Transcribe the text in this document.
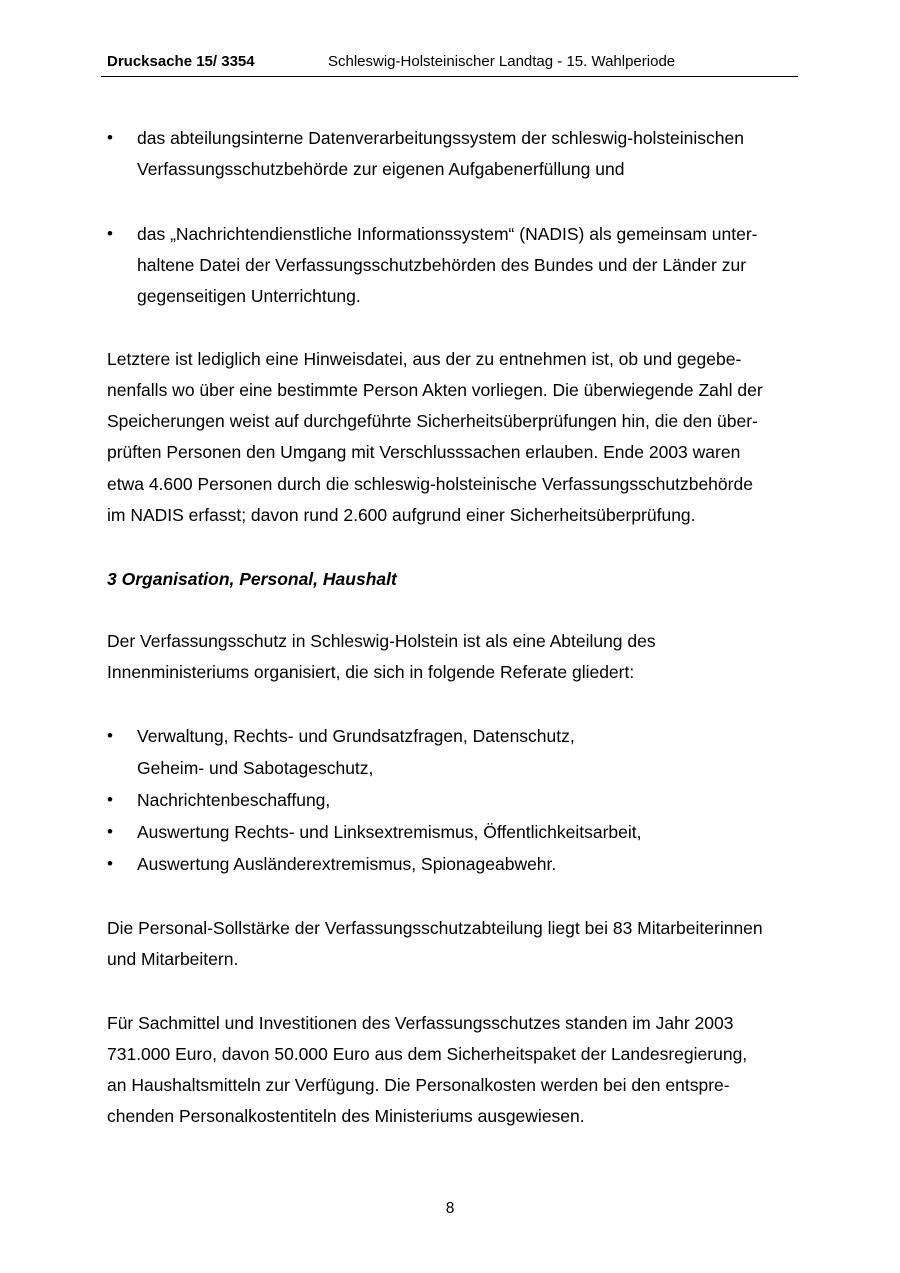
Drucksache 15/ 3354	Schleswig-Holsteinischer Landtag - 15. Wahlperiode
• das abteilungsinterne Datenverarbeitungssystem der schleswig-holsteinischen
Verfassungsschutzbehörde zur eigenen Aufgabenerfüllung und
• das „Nachrichtendienstliche Informationssystem“ (NADIS) als gemeinsam unter-
haltene Datei der Verfassungsschutzbehörden des Bundes und der Länder zur
gegenseitigen Unterrichtung.
Letztere ist lediglich eine Hinweisdatei, aus der zu entnehmen ist, ob und gegebe-
nenfalls wo über eine bestimmte Person Akten vorliegen. Die überwiegende Zahl der
Speicherungen weist auf durchgeführte Sicherheitsüberprüfungen hin, die den über-
prüften Personen den Umgang mit Verschlusssachen erlauben. Ende 2003 waren
etwa 4.600 Personen durch die schleswig-holsteinische Verfassungsschutzbehörde
im NADIS erfasst; davon rund 2.600 aufgrund einer Sicherheitsüberprüfung.
3 Organisation, Personal, Haushalt
Der Verfassungsschutz in Schleswig-Holstein ist als eine Abteilung des
Innenministeriums organisiert, die sich in folgende Referate gliedert:
• Verwaltung, Rechts- und Grundsatzfragen, Datenschutz,
Geheim- und Sabotageschutz,
• Nachrichtenbeschaffung,
• Auswertung Rechts- und Linksextremismus, Öffentlichkeitsarbeit,
• Auswertung Ausländerextremismus, Spionageabwehr.
Die Personal-Sollstärke der Verfassungsschutzabteilung liegt bei 83 Mitarbeiterinnen
und Mitarbeitern.
Für Sachmittel und Investitionen des Verfassungsschutzes standen im Jahr 2003
731.000 Euro, davon 50.000 Euro aus dem Sicherheitspaket der Landesregierung,
an Haushaltsmitteln zur Verfügung. Die Personalkosten werden bei den entspre-
chenden Personalkostentiteln des Ministeriums ausgewiesen.
8
